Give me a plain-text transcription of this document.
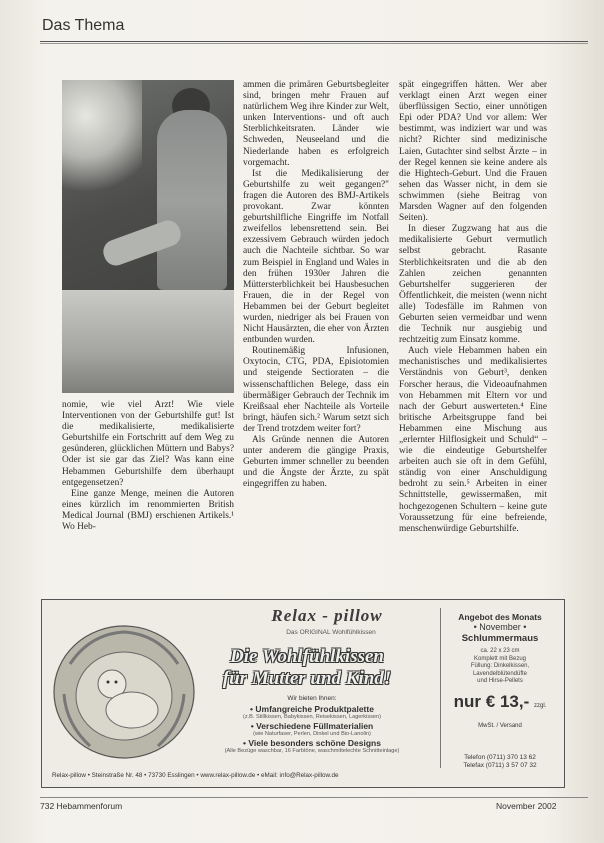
Das Thema

nomie, wie viel Arzt! Wie viele Interventionen von der Geburtshilfe gut! Ist die medikalisierte, medikalisierte Geburtshilfe ein Fortschritt auf dem Weg zu gesünderen, glücklichen Müttern und Babys? Oder ist sie gar das Ziel? Was kann eine Hebammen Geburtshilfe dem überhaupt entgegensetzen?

Eine ganze Menge, meinen die Autoren eines kürzlich im renommierten British Medical Journal (BMJ) erschienen Artikels.¹ Wo Heb-

ammen die primären Geburtsbegleiter sind, bringen mehr Frauen auf natürlichem Weg ihre Kinder zur Welt, unken Interventions- und oft auch Sterblichkeitsraten. Länder wie Schweden, Neuseeland und die Niederlande haben es erfolgreich vorgemacht.

Ist die Medikalisierung der Geburtshilfe zu weit gegangen?" fragen die Autoren des BMJ-Artikels provokant. Zwar könnten geburtshilfliche Eingriffe im Notfall zweifellos lebensrettend sein. Bei exzessivem Gebrauch würden jedoch auch die Nachteile sichtbar. So war zum Beispiel in England und Wales in den frühen 1930er Jahren die Müttersterblichkeit bei Hausbesuchen Frauen, die in der Regel von Hebammen bei der Geburt begleitet wurden, niedriger als bei Frauen von Nicht Hausärzten, die eher von Ärzten entbunden wurden.

Routinemäßig Infusionen, Oxytocin, CTG, PDA, Episiotomien und steigende Sectioraten – die wissenschaftlichen Belege, dass ein übermäßiger Gebrauch der Technik im Kreißsaal eher Nachteile als Vorteile bringt, häufen sich.² Warum setzt sich der Trend trotzdem weiter fort?

Als Gründe nennen die Autoren unter anderem die gängige Praxis, Geburten immer schneller zu beenden und die Ängste der Ärzte, zu spät eingegriffen zu haben.

spät eingegriffen hätten. Wer aber verklagt einen Arzt wegen einer überflüssigen Sectio, einer unnötigen Epi oder PDA? Und vor allem: Wer bestimmt, was indiziert war und was nicht? Richter sind medizinische Laien, Gutachter sind selbst Ärzte – in der Regel kennen sie keine andere als die Hightech-Geburt. Und die Frauen sehen das Wasser nicht, in dem sie schwimmen (siehe Beitrag von Marsden Wagner auf den folgenden Seiten).

In dieser Zugzwang hat aus die medikalisierte Geburt vermutlich selbst gebracht. Rasante Sterblichkeitsraten und die ab den Zahlen zeichen genannten Geburtshelfer suggerieren der Öffentlichkeit, die meisten (wenn nicht alle) Todesfälle im Rahmen von Geburten seien vermeidbar und wenn die Technik nur ausgiebig und rechtzeitig zum Einsatz komme.

Auch viele Hebammen haben ein mechanistisches und medikalisiertes Verständnis von Geburt³, denken Forscher heraus, die Videoaufnahmen von Hebammen mit Eltern vor und nach der Geburt auswerteten.⁴ Eine britische Arbeitsgruppe fand bei Hebammen eine Mischung aus „erlernter Hilflosigkeit und Schuld“ – wie die eindeutige Geburtshelfer arbeiten auch sie oft in dem Gefühl, ständig von einer Anschuldigung bedroht zu sein.⁵ Arbeiten in einer Schnittstelle, gewissermaßen, mit hochgezogenen Schultern – keine gute Voraussetzung für eine befreiende, menschenwürdige Geburtshilfe.

Relax - pillow
Das ORIGINAL Wohlfühlkissen
Die Wohlfühlkissen
für Mutter und Kind!
Wir bieten Ihnen:
• Umfangreiche Produktpalette
(z.B. Stillkissen, Babykissen, Reisekissen, Lagerkissen)
• Verschiedene Füllmaterialien
(wie Naturfaser, Perlen, Dinkel und Bio-Lanolin)
• Viele besonders schöne Designs
(Alle Bezüge waschbar, 16 Farbtöne, waschmittelechte Schnitteinlage)
Angebot des Monats
• November •
Schlummermaus
ca. 22 x 23 cm
Komplett mit Bezug
Füllung: Dinkelkissen,
Lavendelblütendüfte
und Hirse-Pellets
nur € 13,- zzgl. MwSt. / Versand
Telefon (0711) 370 13 62
Telefax (0711) 3 57 07 32
Relax-pillow • Steinstraße Nr. 48 • 73730 Esslingen • www.relax-pillow.de • eMail: info@Relax-pillow.de
732 Hebammenforum	November 2002
